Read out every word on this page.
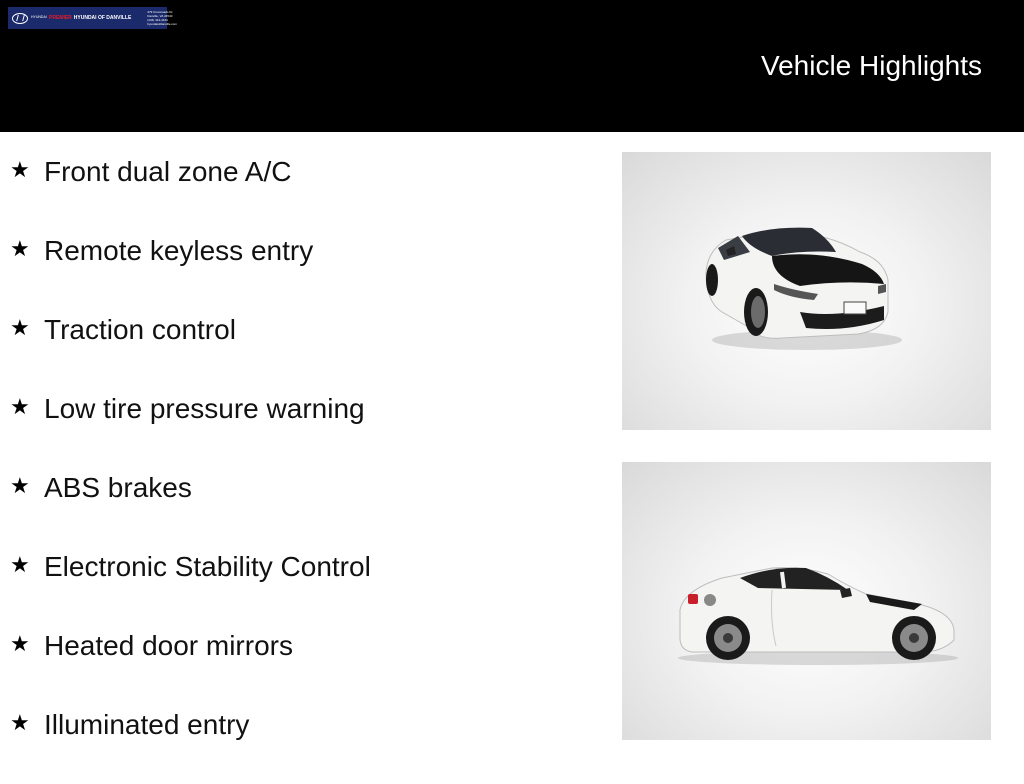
HYUNDAI PREMIER HYUNDAI OF DANVILLE
479 Crossroads Dr, Danville, VA 24540
(434) 444-4444
hyundaiofdanville.com
Vehicle Highlights
★ Front dual zone A/C
★ Remote keyless entry
★ Traction control
★ Low tire pressure warning
★ ABS brakes
★ Electronic Stability Control
★ Heated door mirrors
★ Illuminated entry
